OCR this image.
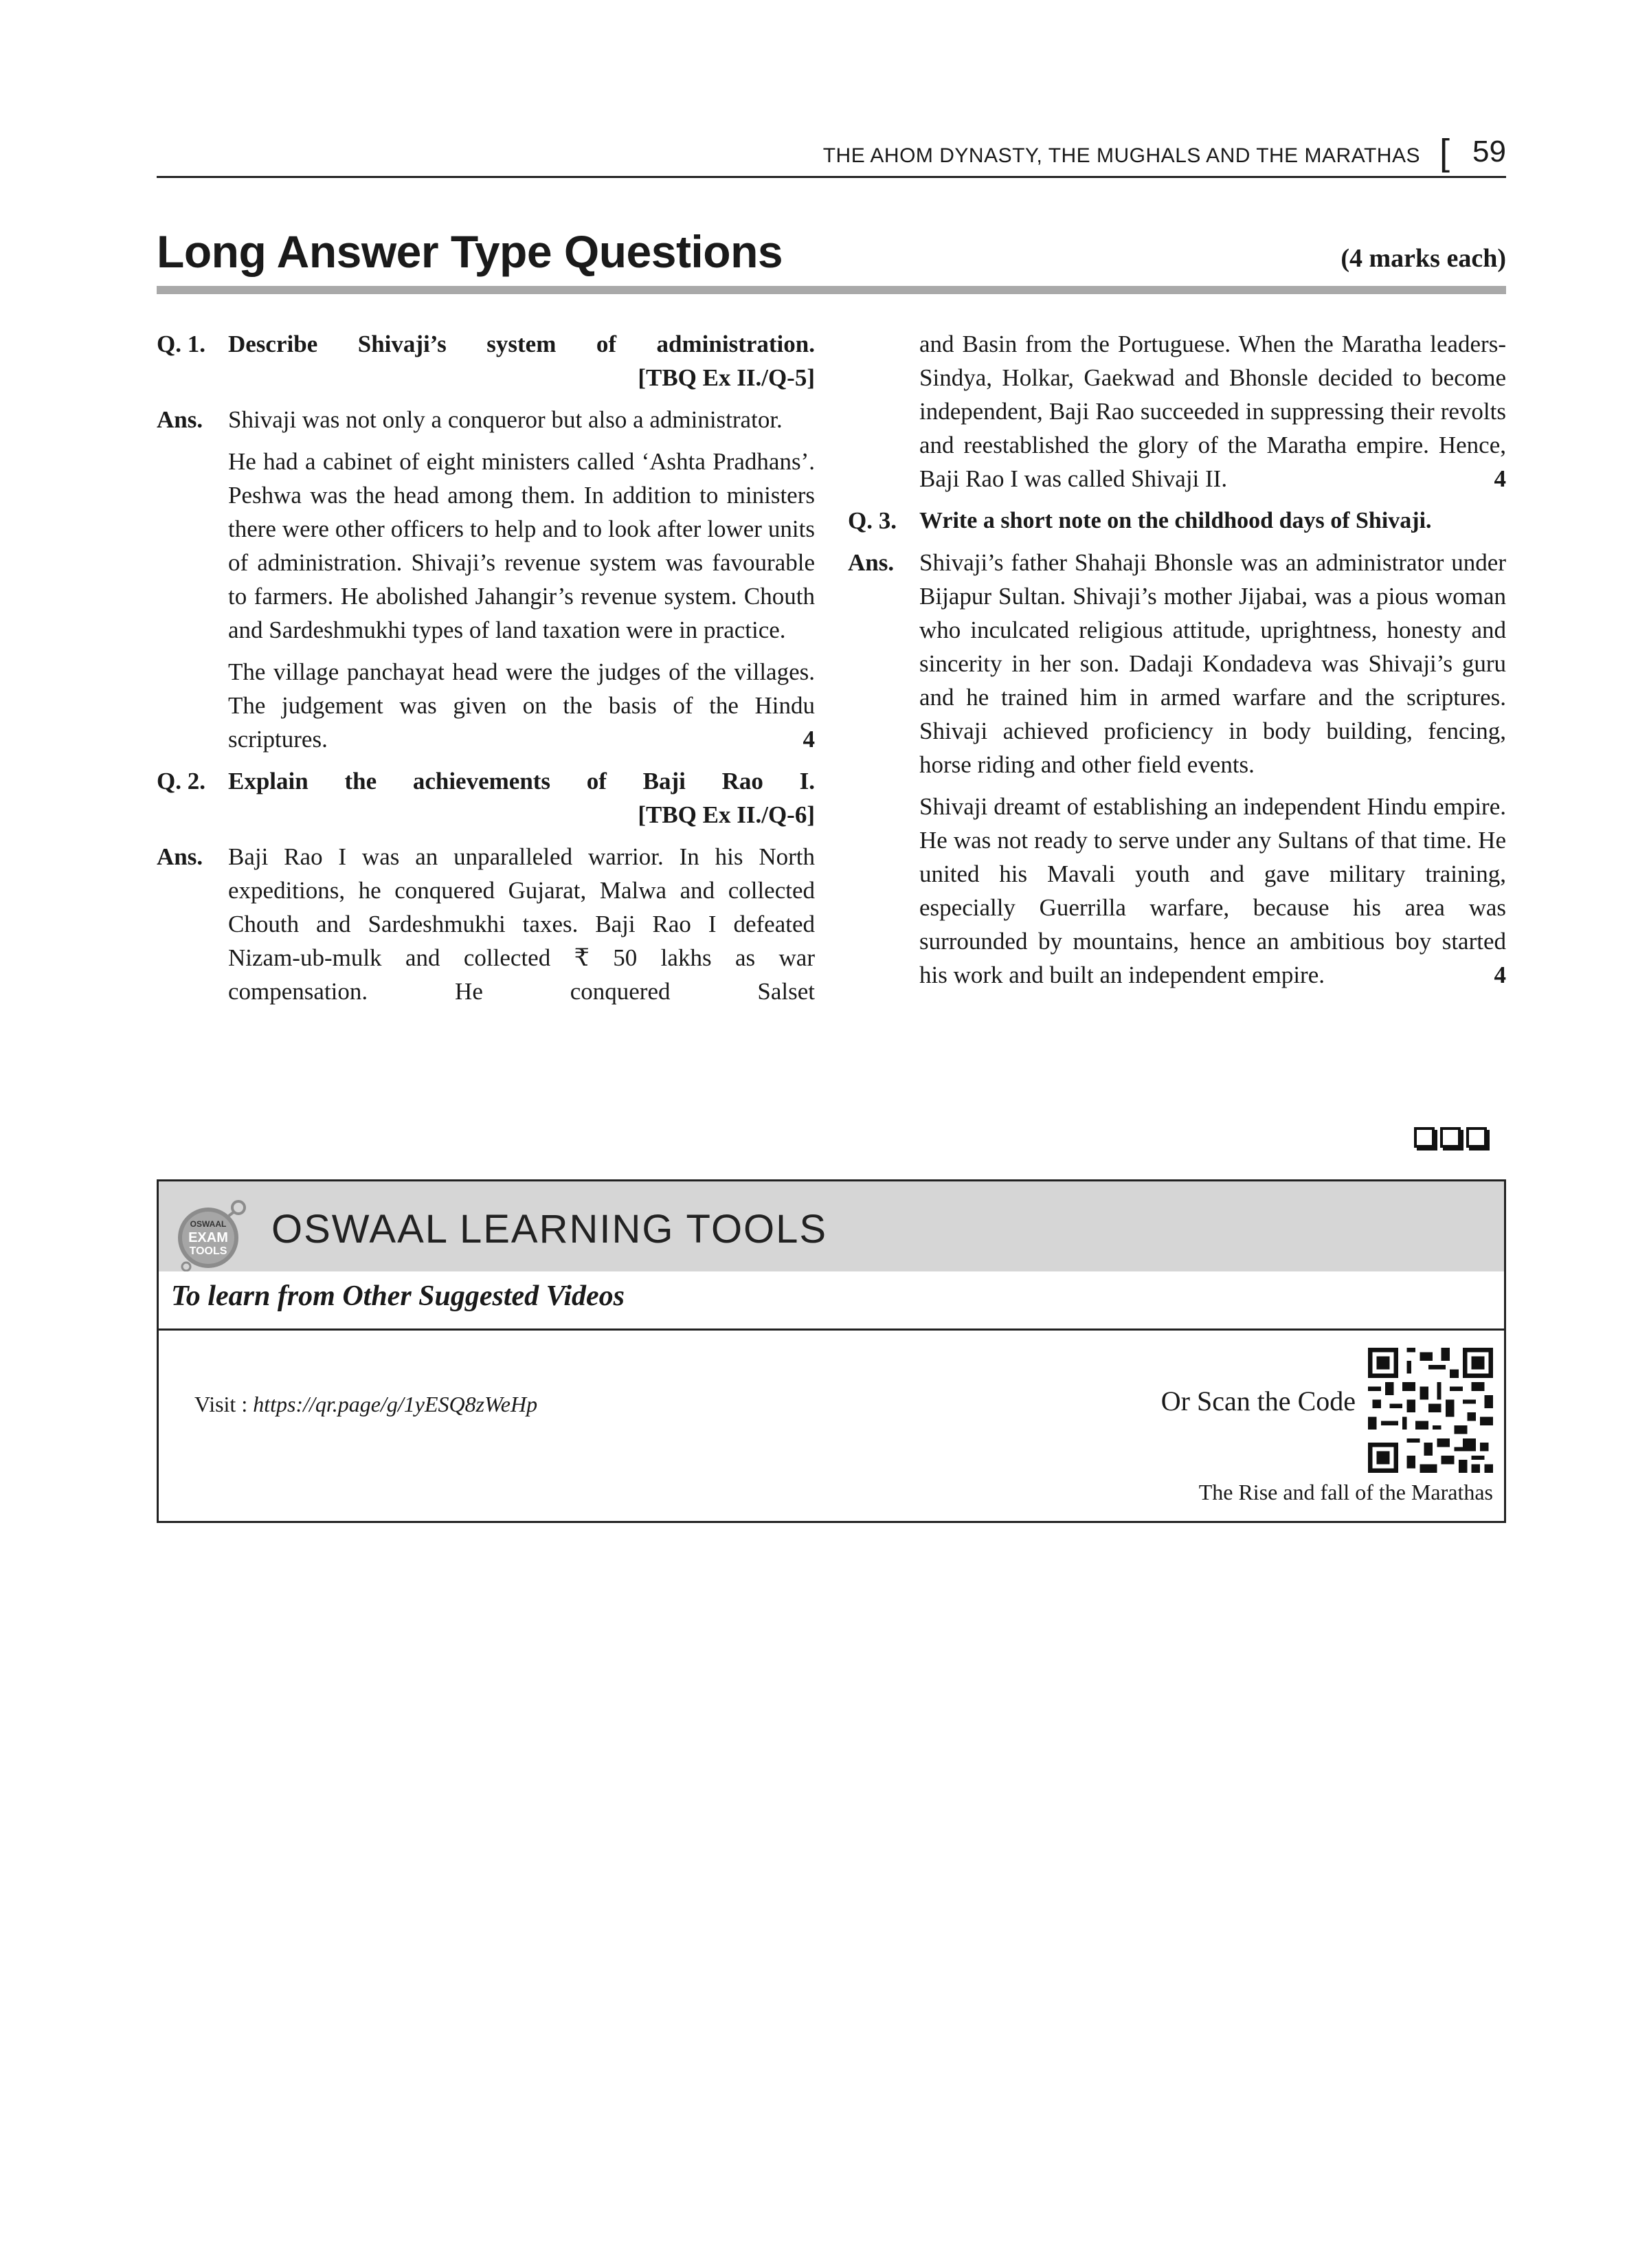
THE AHOM DYNASTY, THE MUGHALS AND THE MARATHAS [ 59
Long Answer Type Questions	(4 marks each)
Q. 1. Describe Shivaji’s system of administration.
[TBQ Ex II./Q-5]
Ans. Shivaji was not only a conqueror but also a administrator.
He had a cabinet of eight ministers called ‘Ashta Pradhans’. Peshwa was the head among them. In addition to ministers there were other officers to help and to look after lower units of administration. Shivaji’s revenue system was favourable to farmers. He abolished Jahangir’s revenue system. Chouth and Sardeshmukhi types of land taxation were in practice.
The village panchayat head were the judges of the villages. The judgement was given on the basis of the Hindu scriptures.	4
Q. 2. Explain the achievements of Baji Rao I.
[TBQ Ex II./Q-6]
Ans. Baji Rao I was an unparalleled warrior. In his North expeditions, he conquered Gujarat, Malwa and collected Chouth and Sardeshmukhi taxes. Baji Rao I defeated Nizam-ub-mulk and collected ₹ 50 lakhs as war compensation. He conquered Salset
and Basin from the Portuguese. When the Maratha leaders-Sindya, Holkar, Gaekwad and Bhonsle decided to become independent, Baji Rao succeeded in suppressing their revolts and reestablished the glory of the Maratha empire. Hence, Baji Rao I was called Shivaji II.	4
Q. 3. Write a short note on the childhood days of Shivaji.
Ans. Shivaji’s father Shahaji Bhonsle was an administrator under Bijapur Sultan. Shivaji’s mother Jijabai, was a pious woman who inculcated religious attitude, uprightness, honesty and sincerity in her son. Dadaji Kondadeva was Shivaji’s guru and he trained him in armed warfare and the scriptures. Shivaji achieved proficiency in body building, fencing, horse riding and other field events.
Shivaji dreamt of establishing an independent Hindu empire. He was not ready to serve under any Sultans of that time. He united his Mavali youth and gave military training, especially Guerrilla warfare, because his area was surrounded by mountains, hence an ambitious boy started his work and built an independent empire.	4
OSWAAL
EXAM
TOOLS OSWAAL LEARNING TOOLS
To learn from Other Suggested Videos
Visit : https://qr.page/g/1yESQ8zWeHp	Or Scan the Code
The Rise and fall of the Marathas
